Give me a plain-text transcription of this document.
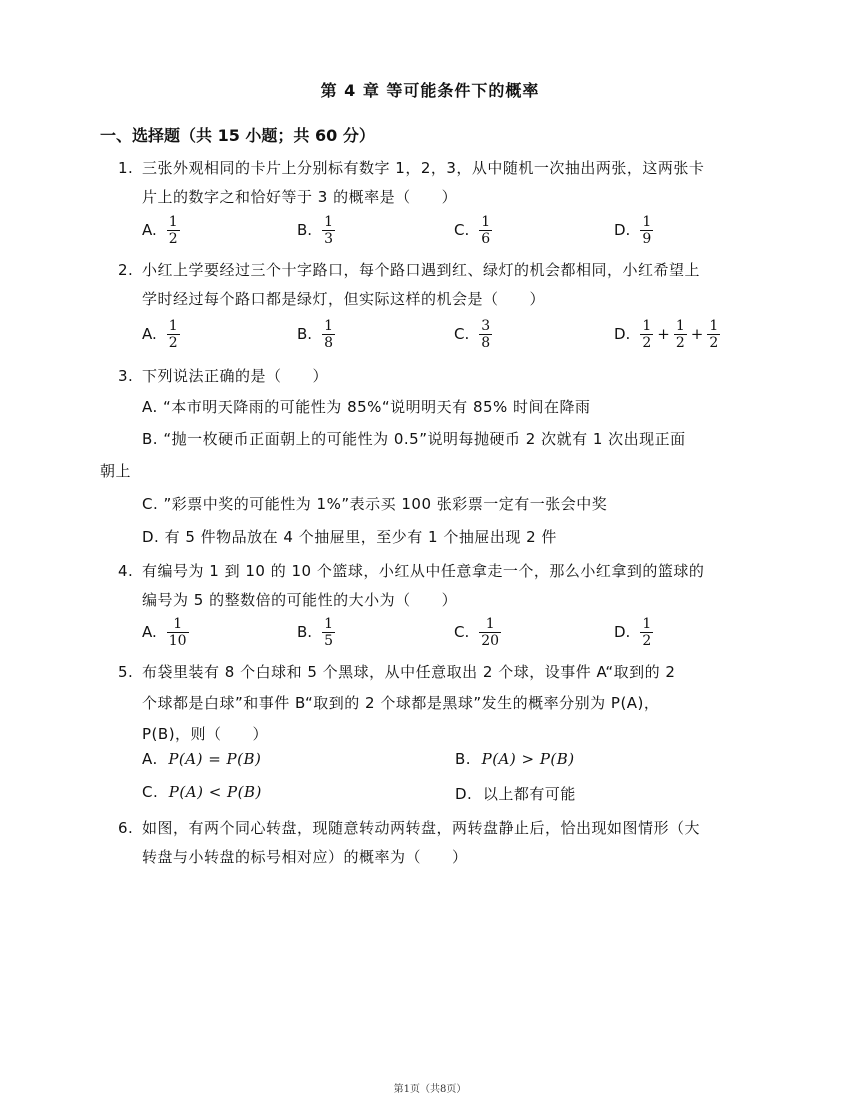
第 4 章 等可能条件下的概率
一、选择题（共 15 小题；共 60 分）
1. 三张外观相同的卡片上分别标有数字 1，2，3，从中随机一次抽出两张，这两张卡
片上的数字之和恰好等于 3 的概率是（　　）
A. $\frac{1}{2}$	B. $\frac{1}{3}$	C. $\frac{1}{6}$	D. $\frac{1}{9}$
2. 小红上学要经过三个十字路口，每个路口遇到红、绿灯的机会都相同，小红希望上
学时经过每个路口都是绿灯，但实际这样的机会是（　　）
A. $\frac{1}{2}$	B. $\frac{1}{8}$	C. $\frac{3}{8}$	D. $\frac{1}{2} + \frac{1}{2} + \frac{1}{2}$
3. 下列说法正确的是（　　）
A. “本市明天降雨的可能性为 85%“说明明天有 85% 时间在降雨
B. “抛一枚硬币正面朝上的可能性为 0.5”说明每抛硬币 2 次就有 1 次出现正面
朝上
C. ”彩票中奖的可能性为 1%”表示买 100 张彩票一定有一张会中奖
D. 有 5 件物品放在 4 个抽屉里，至少有 1 个抽屉出现 2 件
4. 有编号为 1 到 10 的 10 个篮球，小红从中任意拿走一个，那么小红拿到的篮球的
编号为 5 的整数倍的可能性的大小为（　　）
A. $\frac{1}{10}$	B. $\frac{1}{5}$	C. $\frac{1}{20}$	D. $\frac{1}{2}$
5. 布袋里装有 8 个白球和 5 个黑球，从中任意取出 2 个球，设事件 A“取到的 2
个球都是白球”和事件 B“取到的 2 个球都是黑球”发生的概率分别为 P(A)，
P(B)，则（　　）
A. P(A) = P(B)	B. P(A) > P(B)
C. P(A) < P(B)	D. 以上都有可能
6. 如图，有两个同心转盘，现随意转动两转盘，两转盘静止后，恰出现如图情形（大
转盘与小转盘的标号相对应）的概率为（　　）
第1页（共8页）
